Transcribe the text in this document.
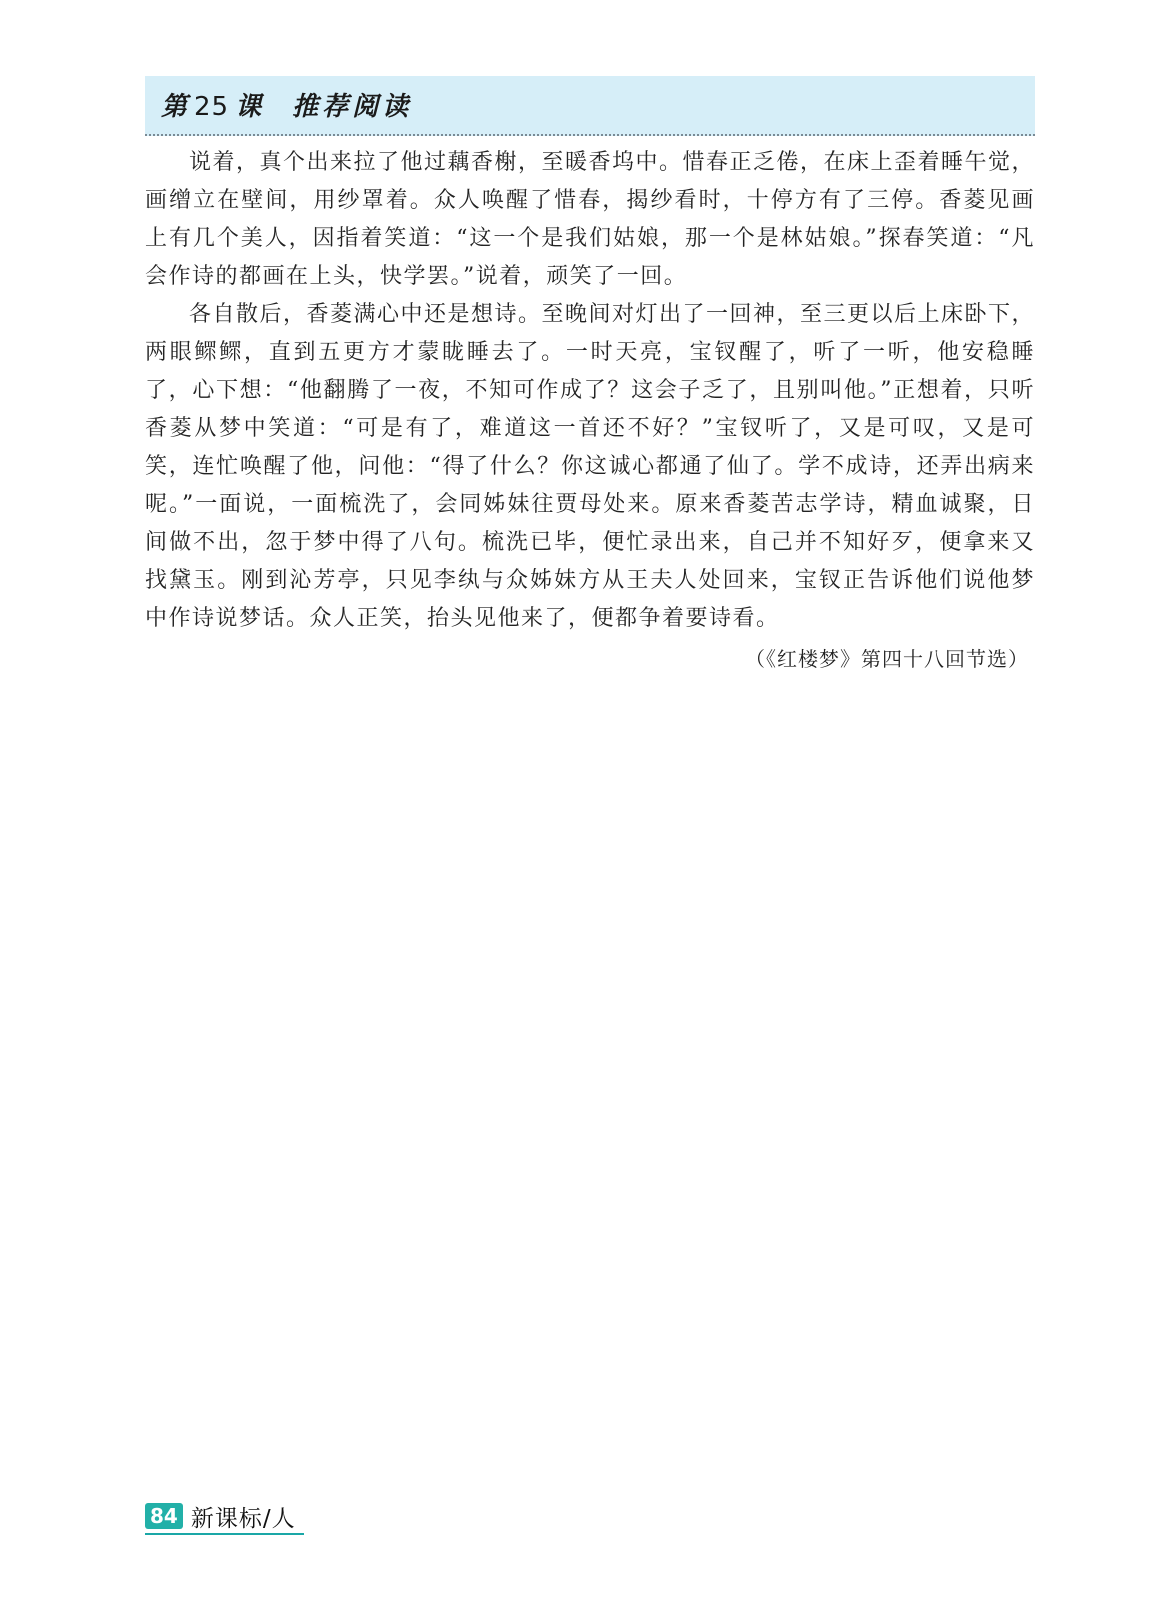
第 25 课 推荐阅读

说着，真个出来拉了他过藕香榭，至暖香坞中。惜春正乏倦，在床上歪着睡午觉，画缯立在壁间，用纱罩着。众人唤醒了惜春，揭纱看时，十停方有了三停。香菱见画上有几个美人，因指着笑道：“这一个是我们姑娘，那一个是林姑娘。”探春笑道：“凡会作诗的都画在上头，快学罢。”说着，顽笑了一回。

各自散后，香菱满心中还是想诗。至晚间对灯出了一回神，至三更以后上床卧下，两眼鳏鳏，直到五更方才蒙眬睡去了。一时天亮，宝钗醒了，听了一听，他安稳睡了，心下想：“他翻腾了一夜，不知可作成了？这会子乏了，且别叫他。”正想着，只听香菱从梦中笑道：“可是有了，难道这一首还不好？”宝钗听了，又是可叹，又是可笑，连忙唤醒了他，问他：“得了什么？你这诚心都通了仙了。学不成诗，还弄出病来呢。”一面说，一面梳洗了，会同姊妹往贾母处来。原来香菱苦志学诗，精血诚聚，日间做不出，忽于梦中得了八句。梳洗已毕，便忙录出来，自己并不知好歹，便拿来又找黛玉。刚到沁芳亭，只见李纨与众姊妹方从王夫人处回来，宝钗正告诉他们说他梦中作诗说梦话。众人正笑，抬头见他来了，便都争着要诗看。

（《红楼梦》第四十八回节选）

84 新课标/人
